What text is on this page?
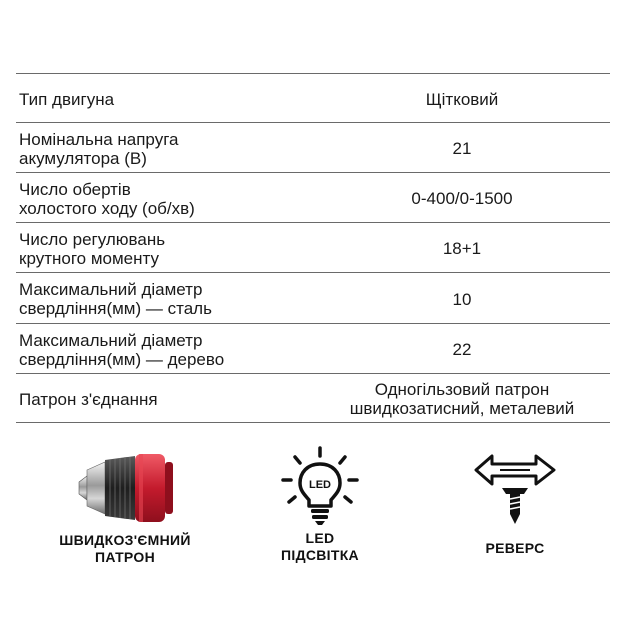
Тип двигуна	Щітковий
Номінальна напруга
акумулятора (В)	21
Число обертів
холостого ходу (об/хв)	0-400/0-1500
Число регулювань
крутного моменту	18+1
Максимальний діаметр
свердління(мм) — сталь	10
Максимальний діаметр
свердління(мм) — дерево	22
Патрон з'єднання	Одногільзовий патрон
швидкозатисний, металевий
ШВИДКОЗ'ЄМНИЙ
ПАТРОН
LED
LED
ПІДСВІТКА	РЕВЕРС
